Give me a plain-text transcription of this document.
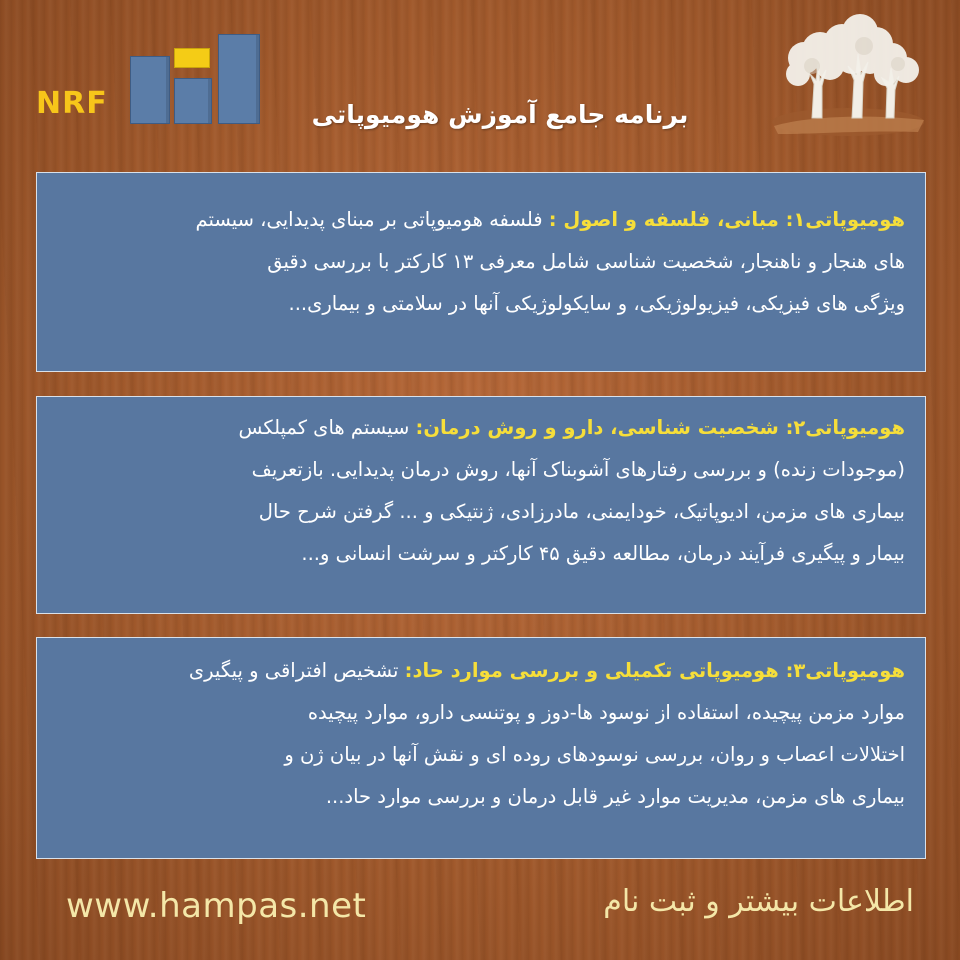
NRF	برنامه جامع آموزش هومیوپاتی
هومیوپاتی۱: مبانی، فلسفه و اصول : فلسفه هومیوپاتی بر مبنای پدیدایی، سیستم
های هنجار و ناهنجار، شخصیت شناسی شامل معرفی ۱۳ کارکتر با بررسی دقیق
ویژگی های فیزیکی، فیزیولوژیکی، و سایکولوژیکی آنها در سلامتی و بیماری...
هومیوپاتی۲: شخصیت شناسی، دارو و روش درمان: سیستم های کمپلکس
(موجودات زنده) و بررسی رفتارهای آشوبناک آنها، روش درمان پدیدایی. بازتعریف
بیماری های مزمن، ادیوپاتیک، خودایمنی، مادرزادی، ژنتیکی و ... گرفتن شرح حال
بیمار و پیگیری فرآیند درمان، مطالعه دقیق ۴۵ کارکتر و سرشت انسانی و...
هومیوپاتی۳: هومیوپاتی تکمیلی و بررسی موارد حاد: تشخیص افتراقی و پیگیری
موارد مزمن پیچیده، استفاده از نوسود ها-دوز و پوتنسی دارو، موارد پیچیده
اختلالات اعصاب و روان، بررسی نوسودهای روده ای و نقش آنها در بیان ژن و
بیماری های مزمن، مدیریت موارد غیر قابل درمان و بررسی موارد حاد...
www.hampas.net	اطلاعات بیشتر و ثبت نام
